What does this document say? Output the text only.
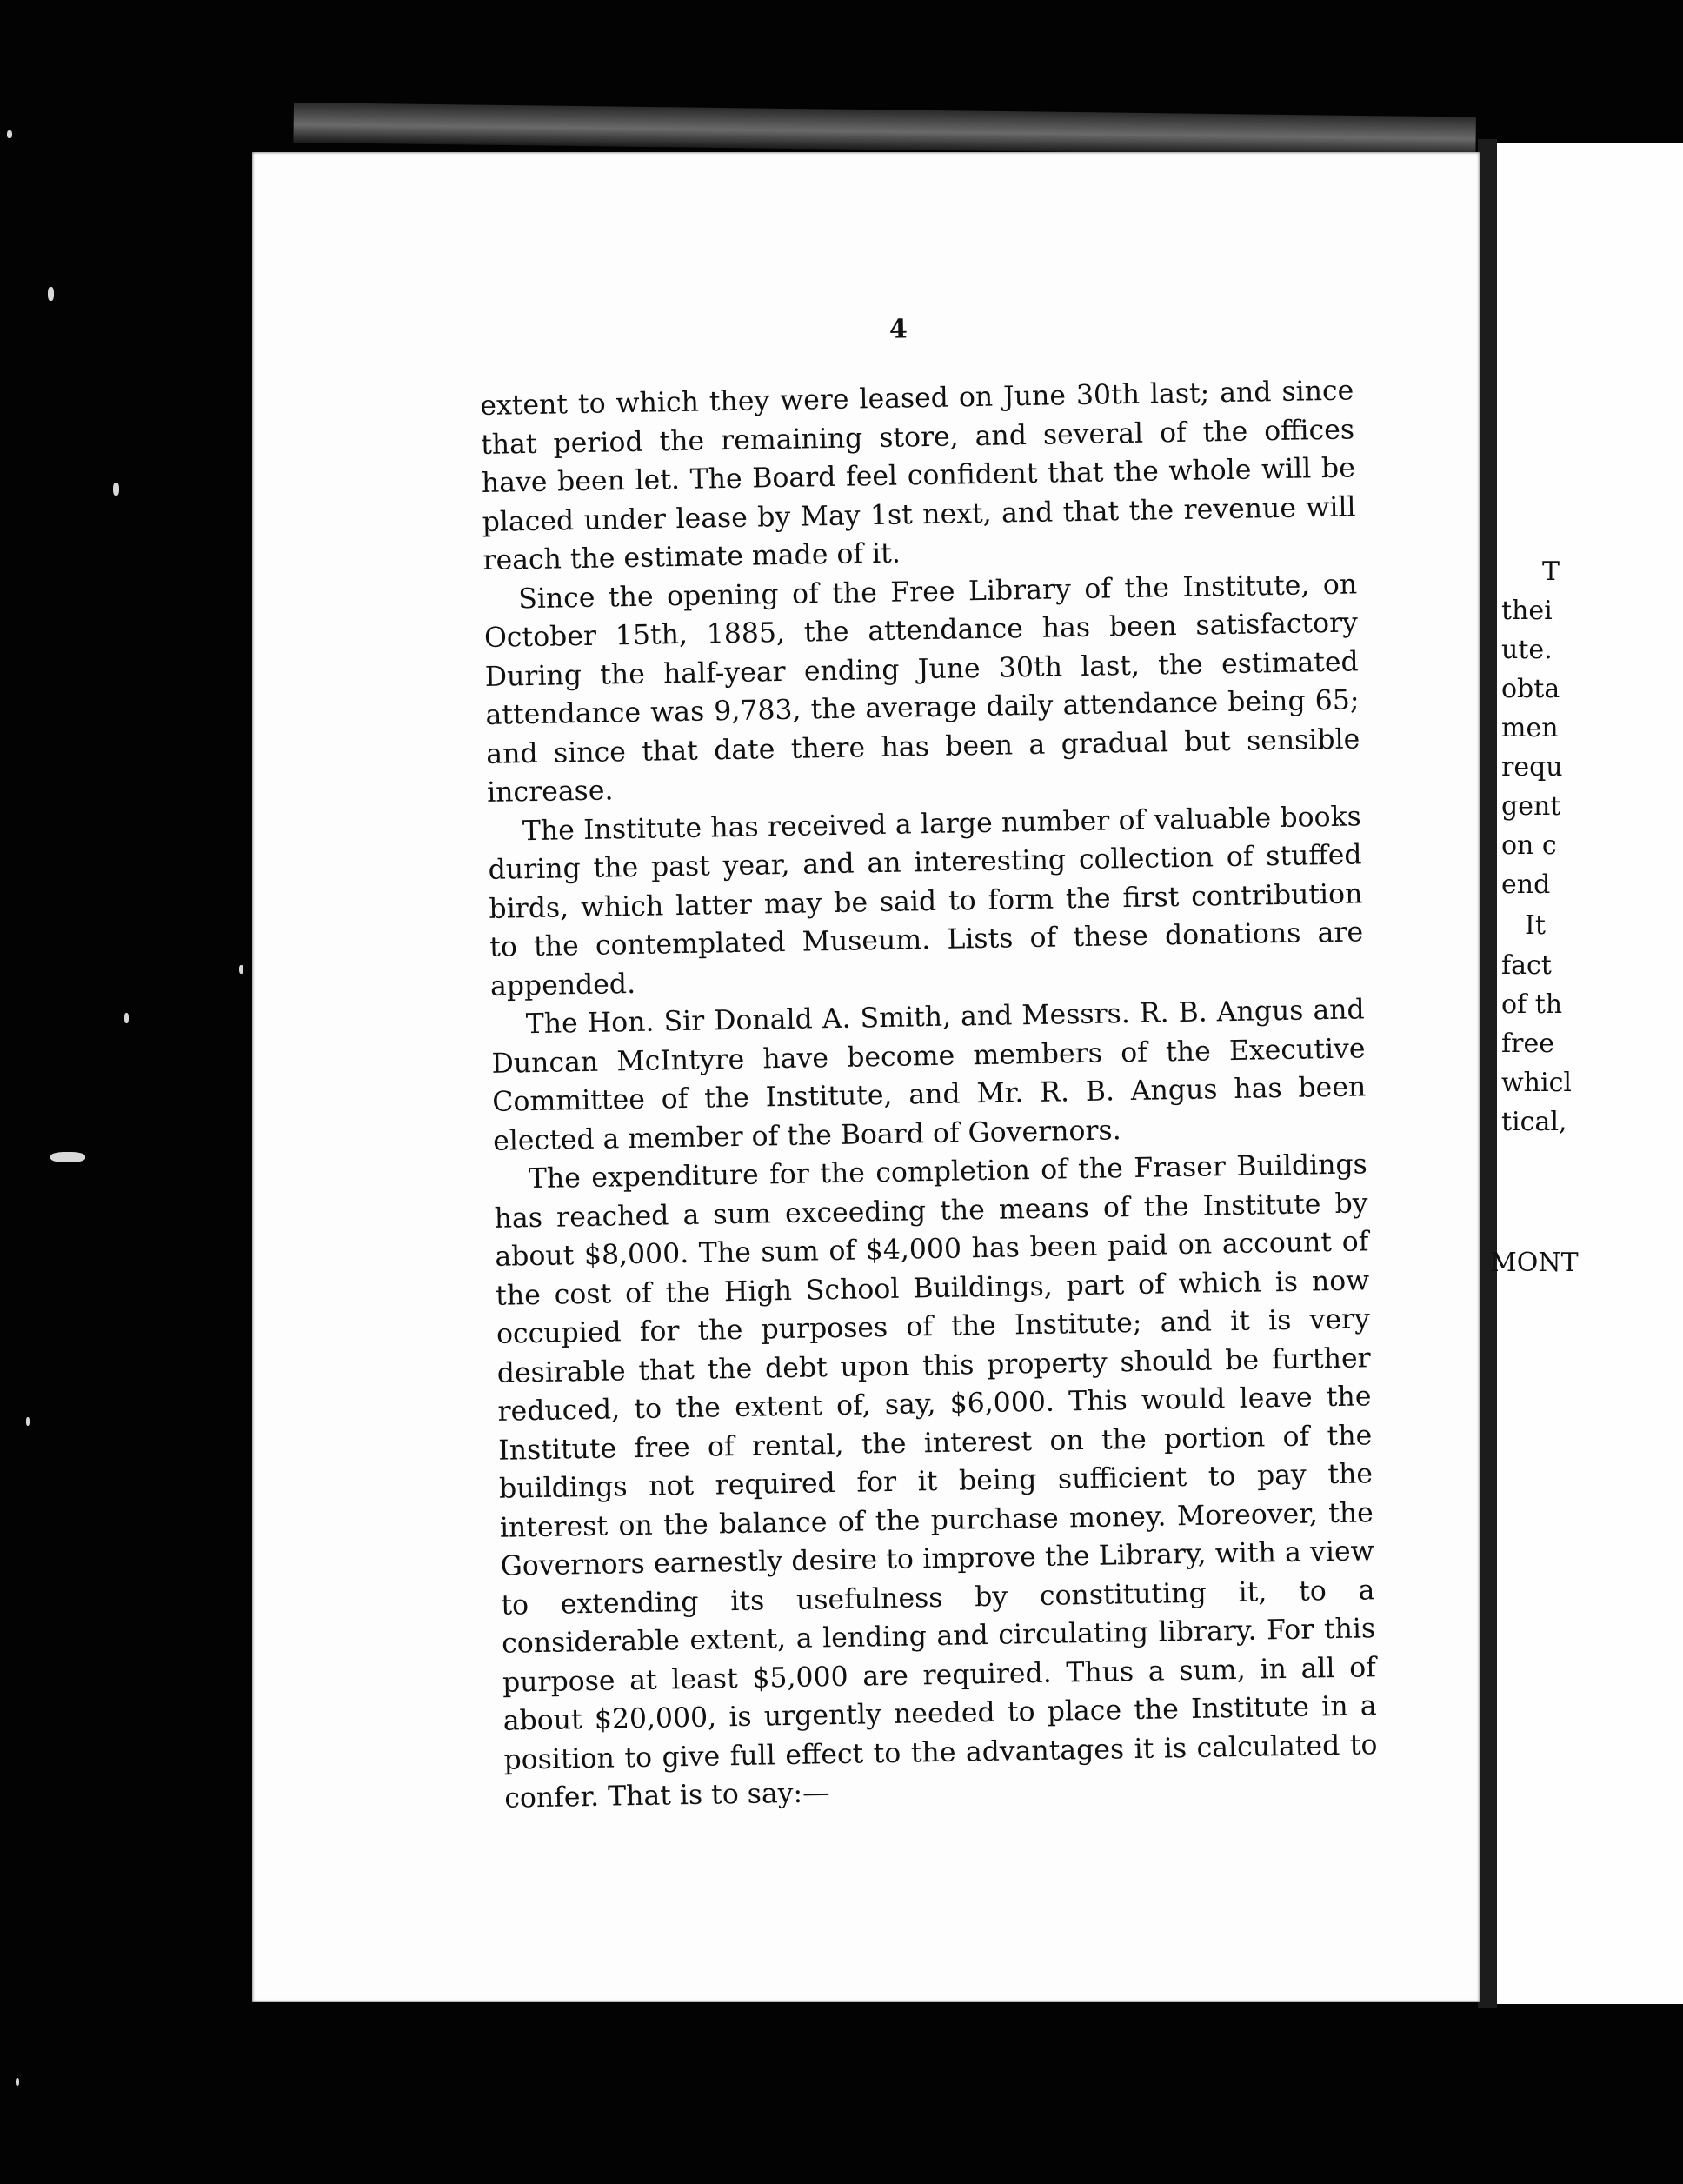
4

extent to which they were leased on June 30th last; and since that period the remaining store, and several of the offices have been let. The Board feel confident that the whole will be placed under lease by May 1st next, and that the revenue will reach the estimate made of it.

Since the opening of the Free Library of the Institute, on October 15th, 1885, the attendance has been satisfactory During the half-year ending June 30th last, the estimated attendance was 9,783, the average daily attendance being 65; and since that date there has been a gradual but sensible increase.

The Institute has received a large number of valuable books during the past year, and an interesting collection of stuffed birds, which latter may be said to form the first contribution to the contemplated Museum. Lists of these donations are appended.

The Hon. Sir Donald A. Smith, and Messrs. R. B. Angus and Duncan McIntyre have become members of the Executive Committee of the Institute, and Mr. R. B. Angus has been elected a member of the Board of Governors.

The expenditure for the completion of the Fraser Buildings has reached a sum exceeding the means of the Institute by about $8,000. The sum of $4,000 has been paid on account of the cost of the High School Buildings, part of which is now occupied for the purposes of the Institute; and it is very desirable that the debt upon this property should be further reduced, to the extent of, say, $6,000. This would leave the Institute free of rental, the interest on the portion of the buildings not required for it being sufficient to pay the interest on the balance of the purchase money. Moreover, the Governors earnestly desire to improve the Library, with a view to extending its usefulness by constituting it, to a considerable extent, a lending and circulating library. For this purpose at least $5,000 are required. Thus a sum, in all of about $20,000, is urgently needed to place the Institute in a position to give full effect to the advantages it is calculated to confer. That is to say:—

T
thei
ute.
obta
men
requ
gent
on c
end
It
fact
of th
free
whicl
tical,
MONT
